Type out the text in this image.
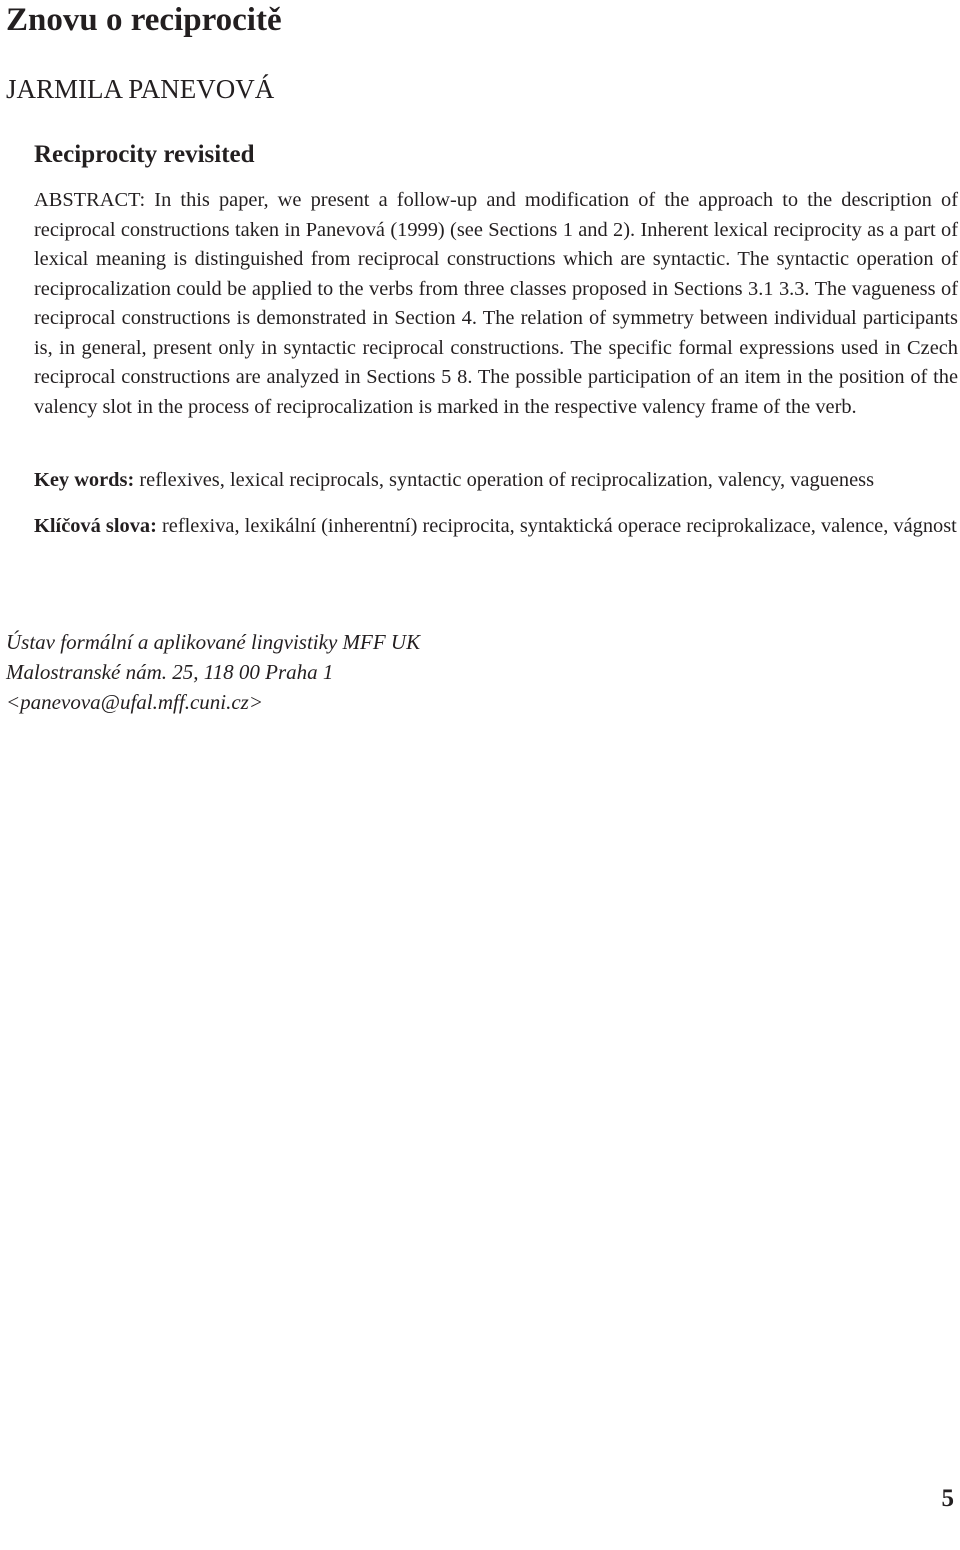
Znovu o reciprocitě
JARMILA PANEVOVÁ
Reciprocity revisited

ABSTRACT: In this paper, we present a follow-up and modification of the approach to the description of reciprocal constructions taken in Panevová (1999) (see Sections 1 and 2). Inherent lexical reciprocity as a part of lexical meaning is distinguished from reciprocal constructions which are syntactic. The syntactic operation of reciprocalization could be applied to the verbs from three classes proposed in Sections 3.1 3.3. The vagueness of reciprocal constructions is demonstrated in Section 4. The relation of symmetry between individual participants is, in general, present only in syntactic reciprocal constructions. The specific formal expressions used in Czech reciprocal constructions are analyzed in Sections 5 8. The possible participation of an item in the position of the valency slot in the process of reciprocalization is marked in the respective valency frame of the verb.

Key words: reflexives, lexical reciprocals, syntactic operation of reciprocalization, valency, vagueness

Klíčová slova: reflexiva, lexikální (inherentní) reciprocita, syntaktická operace reciprokalizace, valence, vágnost

Ústav formální a aplikované lingvistiky MFF UK
Malostranské nám. 25, 118 00 Praha 1
<panevova@ufal.mff.cuni.cz>
5
